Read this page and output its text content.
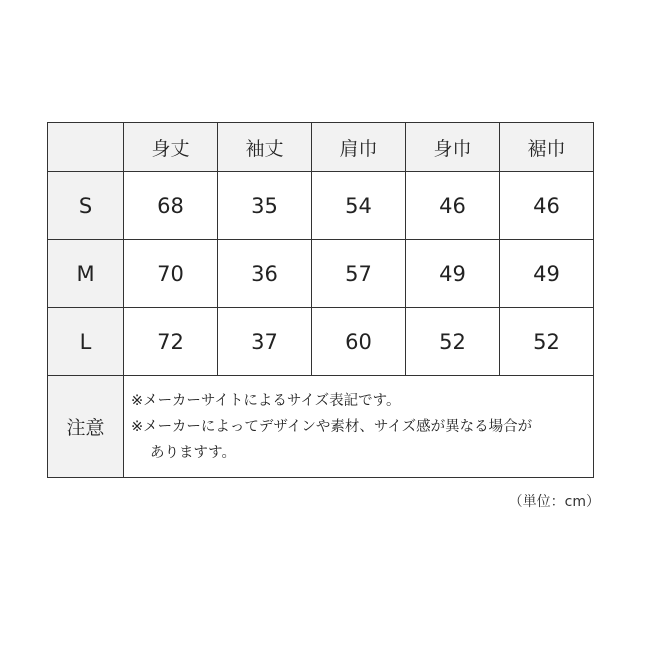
	身丈	袖丈	肩巾	身巾	裾巾
S	68	35	54	46	46
M	70	36	57	49	49
L	72	37	60	52	52
注意	※メーカーサイトによるサイズ表記です。
※メーカーによってデザインや素材、サイズ感が異なる場合が
ありますす。				
（単位：cm）
